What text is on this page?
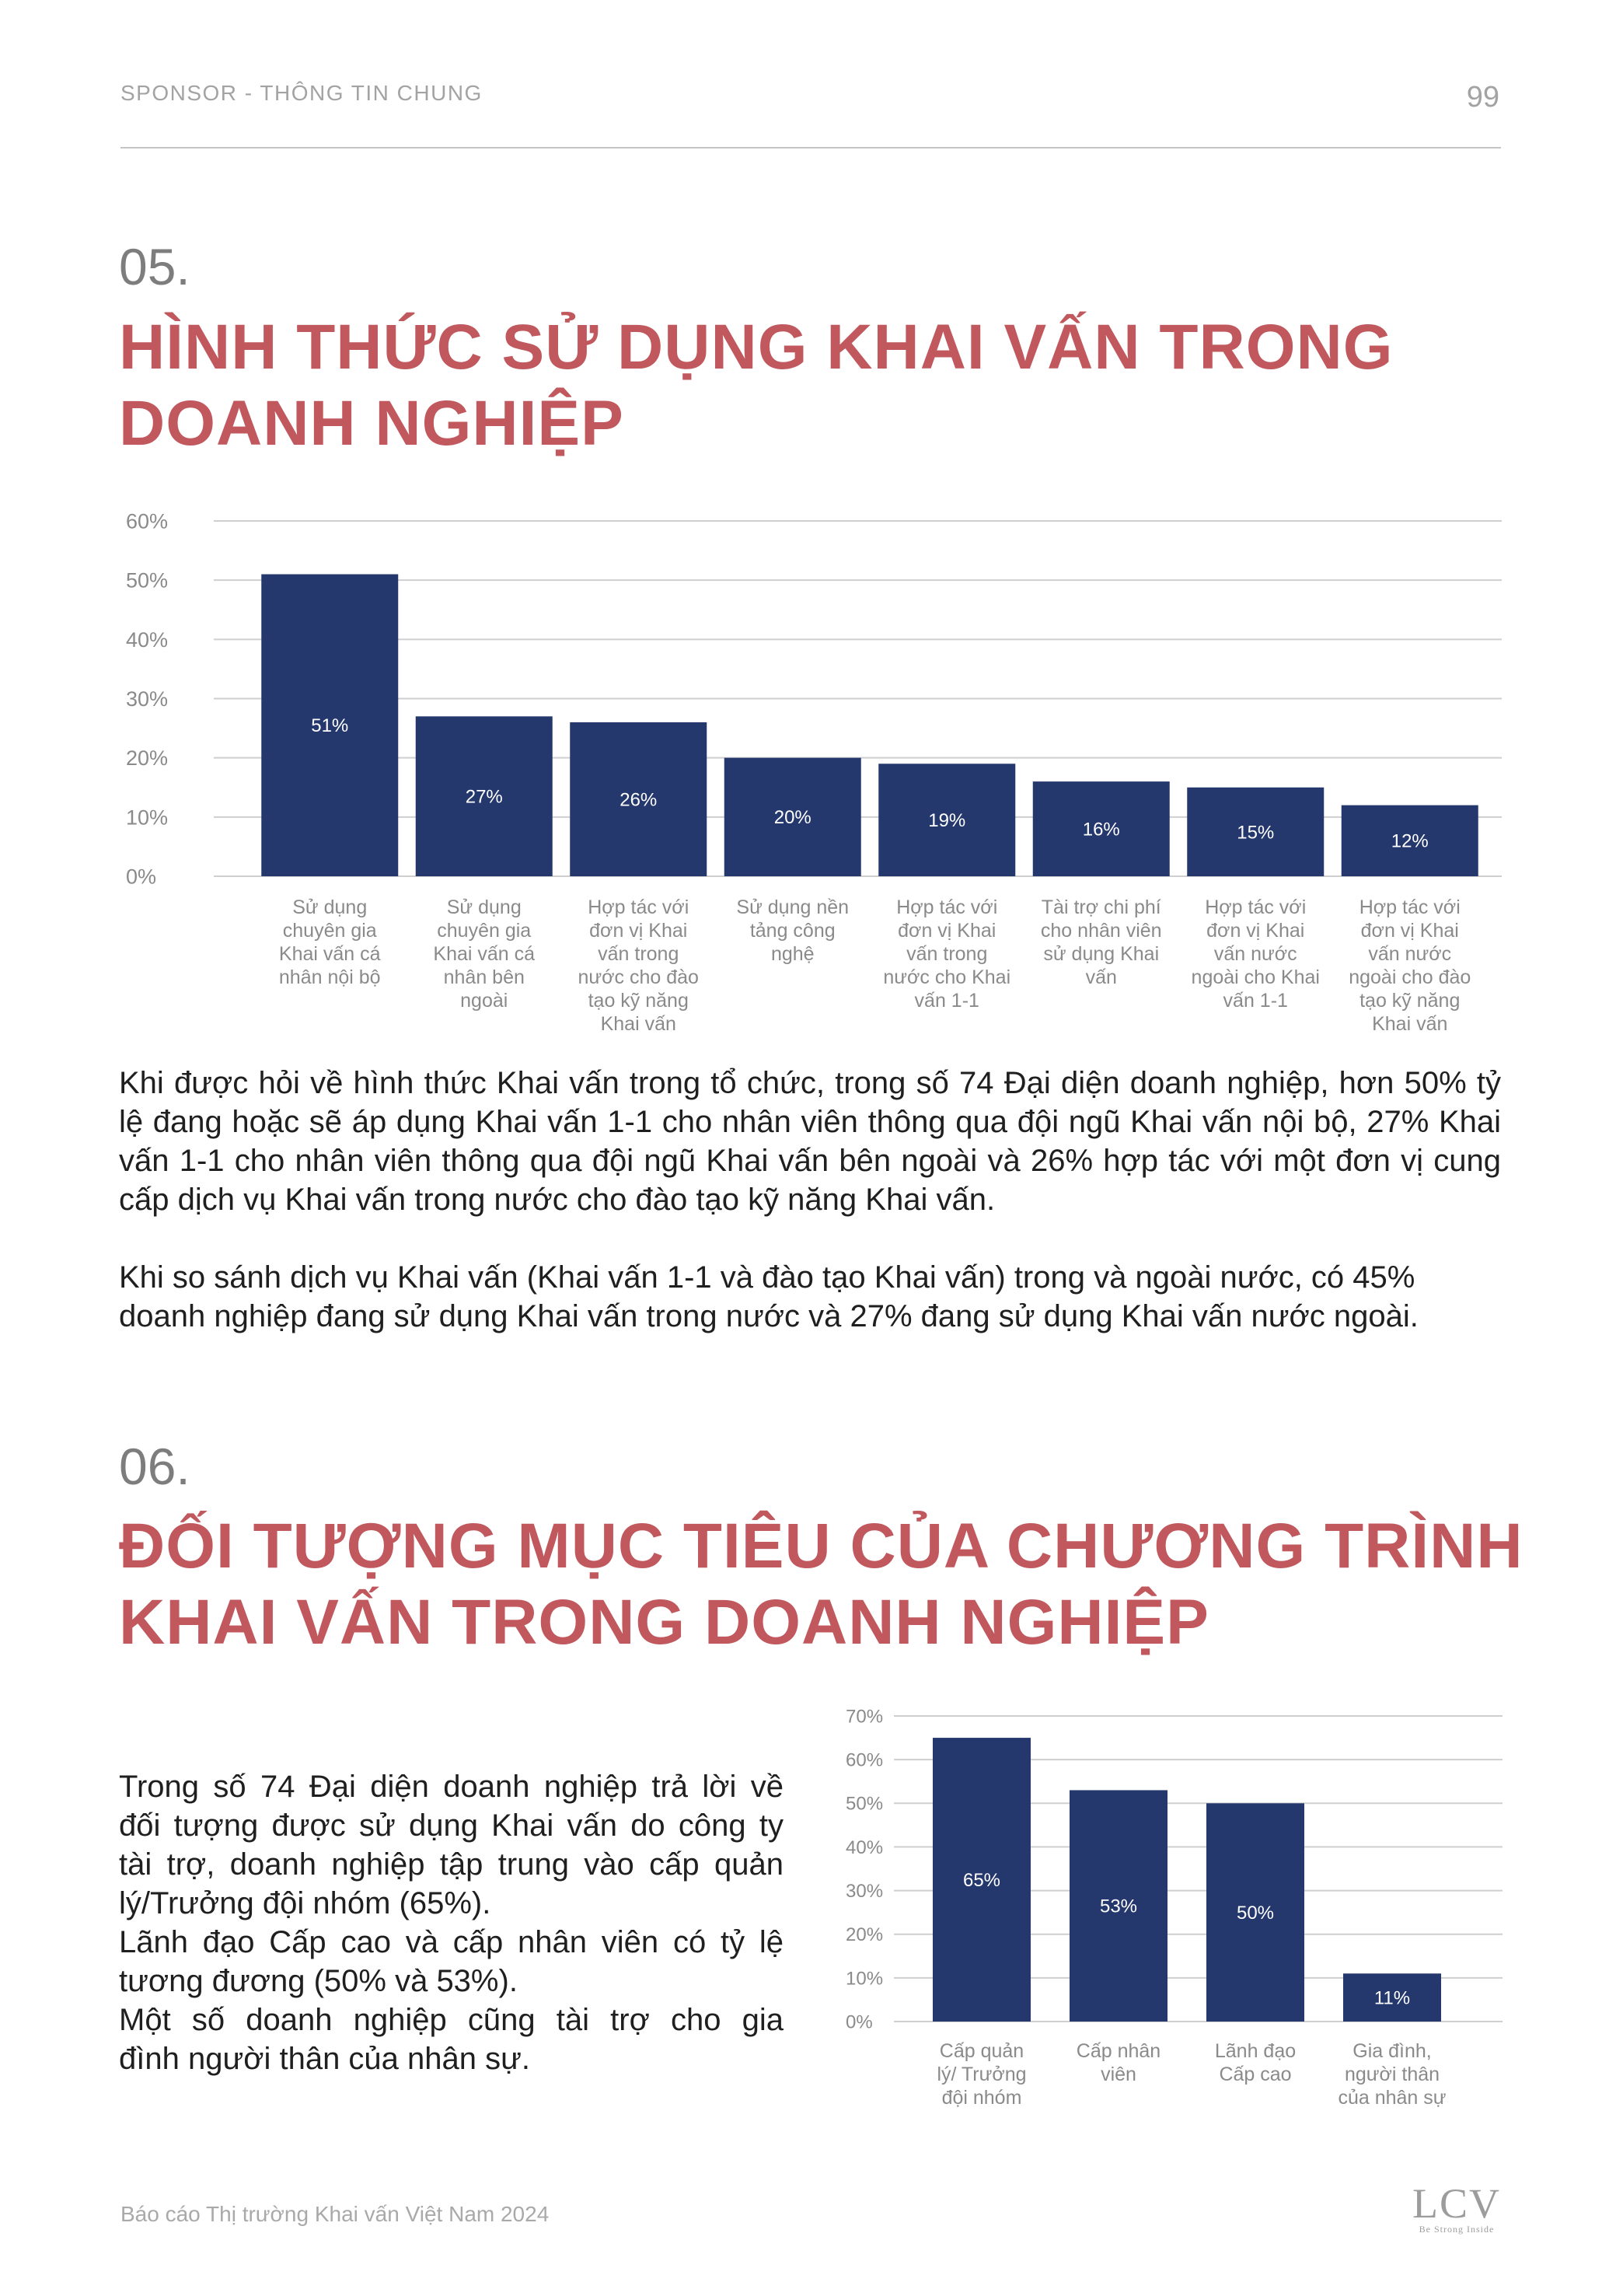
SPONSOR - THÔNG TIN CHUNG	99
05.
HÌNH THỨC SỬ DỤNG KHAI VẤN TRONG
DOANH NGHIỆP
0%
10%
20%
30%
40%
50%
60%
51%
Sử dụng chuyên gia Khai vấn cá nhân nội bộ
27%
Sử dụng chuyên gia Khai vấn cá nhân bên ngoài
26%
Hợp tác với đơn vị Khai vấn trong nước cho đào tạo kỹ năng Khai vấn
20%
Sử dụng nền tảng công nghệ
19%
Hợp tác với đơn vị Khai vấn trong nước cho Khai vấn 1-1
16%
Tài trợ chi phí cho nhân viên sử dụng Khai vấn
15%
Hợp tác với đơn vị Khai vấn nước ngoài cho Khai vấn 1-1
12%
Hợp tác với đơn vị Khai vấn nước ngoài cho đào tạo kỹ năng Khai vấn
Khi được hỏi về hình thức Khai vấn trong tổ chức, trong số 74 Đại diện doanh nghiệp, hơn 50% tỷ lệ đang hoặc sẽ áp dụng Khai vấn 1-1 cho nhân viên thông qua đội ngũ Khai vấn nội bộ, 27% Khai vấn 1-1 cho nhân viên thông qua đội ngũ Khai vấn bên ngoài và 26% hợp tác với một đơn vị cung cấp dịch vụ Khai vấn trong nước cho đào tạo kỹ năng Khai vấn.
Khi so sánh dịch vụ Khai vấn (Khai vấn 1-1 và đào tạo Khai vấn) trong và ngoài nước, có 45% doanh nghiệp đang sử dụng Khai vấn trong nước và 27% đang sử dụng Khai vấn nước ngoài.
06.
ĐỐI TƯỢNG MỤC TIÊU CỦA CHƯƠNG TRÌNH
KHAI VẤN TRONG DOANH NGHIỆP
Trong số 74 Đại diện doanh nghiệp trả lời về
đối tượng được sử dụng Khai vấn do công ty
tài trợ, doanh nghiệp tập trung vào cấp quản
lý/Trưởng đội nhóm (65%).
Lãnh đạo Cấp cao và cấp nhân viên có tỷ lệ
tương đương (50% và 53%).
Một số doanh nghiệp cũng tài trợ cho gia
đình người thân của nhân sự.
0%
10%
20%
30%
40%
50%
60%
70%
65%
Cấp quản lý/ Trưởng đội nhóm
53%
Cấp nhân viên
50%
Lãnh đạo Cấp cao
11%
Gia đình, người thân của nhân sự
Báo cáo Thị trường Khai vấn Việt Nam 2024	LCV
Be Strong Inside
